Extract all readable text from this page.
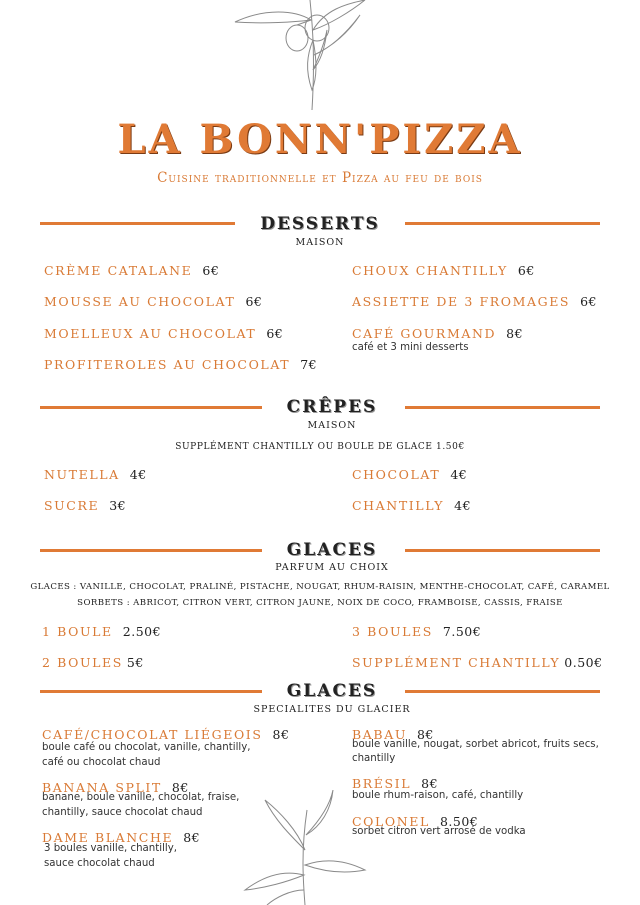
LA BONN'PIZZA
Cuisine traditionnelle et Pizza au feu de bois
DESSERTS
MAISON
CRÈME CATALANE 6€	CHOUX CHANTILLY 6€
MOUSSE AU CHOCOLAT 6€	ASSIETTE DE 3 FROMAGES 6€
MOELLEUX AU CHOCOLAT 6€	CAFÉ GOURMAND 8€
café et 3 mini desserts
PROFITEROLES AU CHOCOLAT 7€
CRÊPES
MAISON
SUPPLÉMENT CHANTILLY OU BOULE DE GLACE 1.50€
NUTELLA 4€	CHOCOLAT 4€
SUCRE 3€	CHANTILLY 4€
GLACES
PARFUM AU CHOIX
GLACES : VANILLE, CHOCOLAT, PRALINÉ, PISTACHE, NOUGAT, RHUM-RAISIN, MENTHE-CHOCOLAT, CAFÉ, CARAMEL
SORBETS : ABRICOT, CITRON VERT, CITRON JAUNE, NOIX DE COCO, FRAMBOISE, CASSIS, FRAISE
1 BOULE 2.50€	3 BOULES 7.50€
2 BOULES 5€	SUPPLÉMENT CHANTILLY 0.50€
GLACES
SPECIALITES DU GLACIER
CAFÉ/CHOCOLAT LIÉGEOIS 8€
boule café ou chocolat, vanille, chantilly,
café ou chocolat chaud
BABAU 8€
boule vanille, nougat, sorbet abricot, fruits secs,
chantilly
BANANA SPLIT 8€
banane, boule vanille, chocolat, fraise,
chantilly, sauce chocolat chaud
BRÉSIL 8€
boule rhum-raison, café, chantilly
DAME BLANCHE 8€
3 boules vanille, chantilly,
sauce chocolat chaud
COLONEL 8.50€
sorbet citron vert arrosé de vodka
